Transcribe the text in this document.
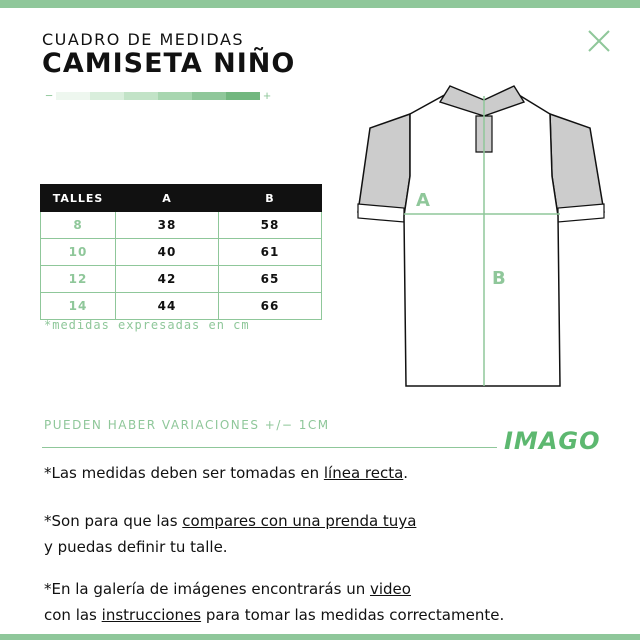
CUADRO DE MEDIDAS
CAMISETA NIÑO
−	+
TALLES	A	B
8	38	58
10	40	61
12	42	65
14	44	66
*medidas expresadas en cm
A
B
PUEDEN HABER VARIACIONES +/− 1CM
IMAGO
*Las medidas deben ser tomadas en línea recta.
*Son para que las compares con una prenda tuya
y puedas definir tu talle.
*En la galería de imágenes encontrarás un video
con las instrucciones para tomar las medidas correctamente.
